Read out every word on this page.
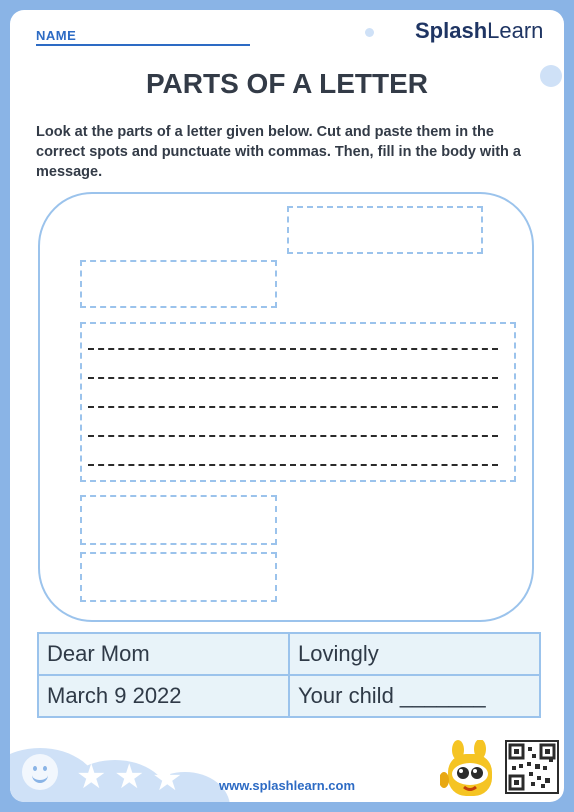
NAME	SplashLearn
PARTS OF A LETTER
Look at the parts of a letter given below. Cut and paste them in the correct spots and punctuate with commas. Then, fill in the body with a message.
Dear Mom	Lovingly
March 9 2022	Your child _______
★ ★ ★	www.splashlearn.com
